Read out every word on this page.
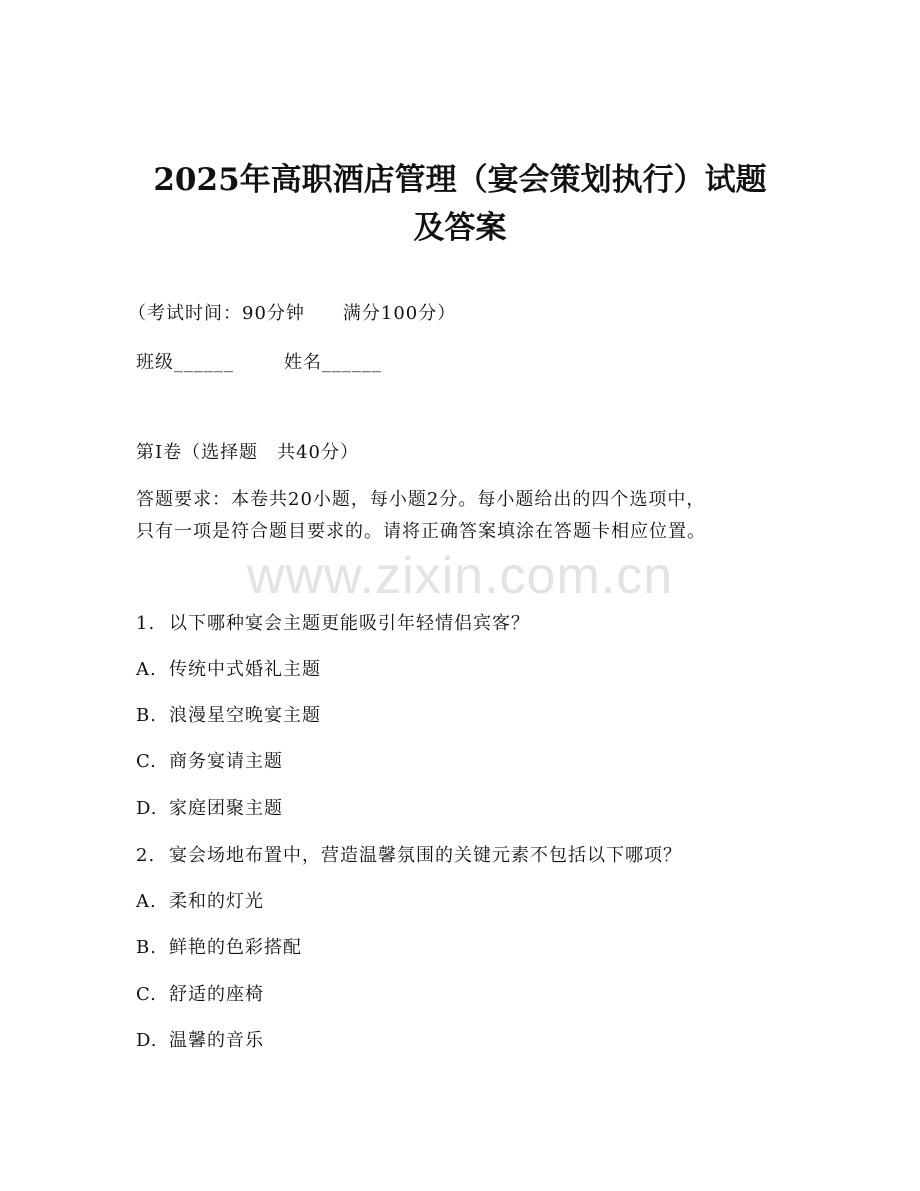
2025年高职酒店管理（宴会策划执行）试题
及答案
（考试时间：90分钟　　满分100分）
班级______	姓名______
第I卷（选择题　共40分）
答题要求：本卷共20小题，每小题2分。每小题给出的四个选项中，
只有一项是符合题目要求的。请将正确答案填涂在答题卡相应位置。
www.zixin.com.cn
1. 以下哪种宴会主题更能吸引年轻情侣宾客？
A. 传统中式婚礼主题
B. 浪漫星空晚宴主题
C. 商务宴请主题
D. 家庭团聚主题
2. 宴会场地布置中，营造温馨氛围的关键元素不包括以下哪项？
A. 柔和的灯光
B. 鲜艳的色彩搭配
C. 舒适的座椅
D. 温馨的音乐
